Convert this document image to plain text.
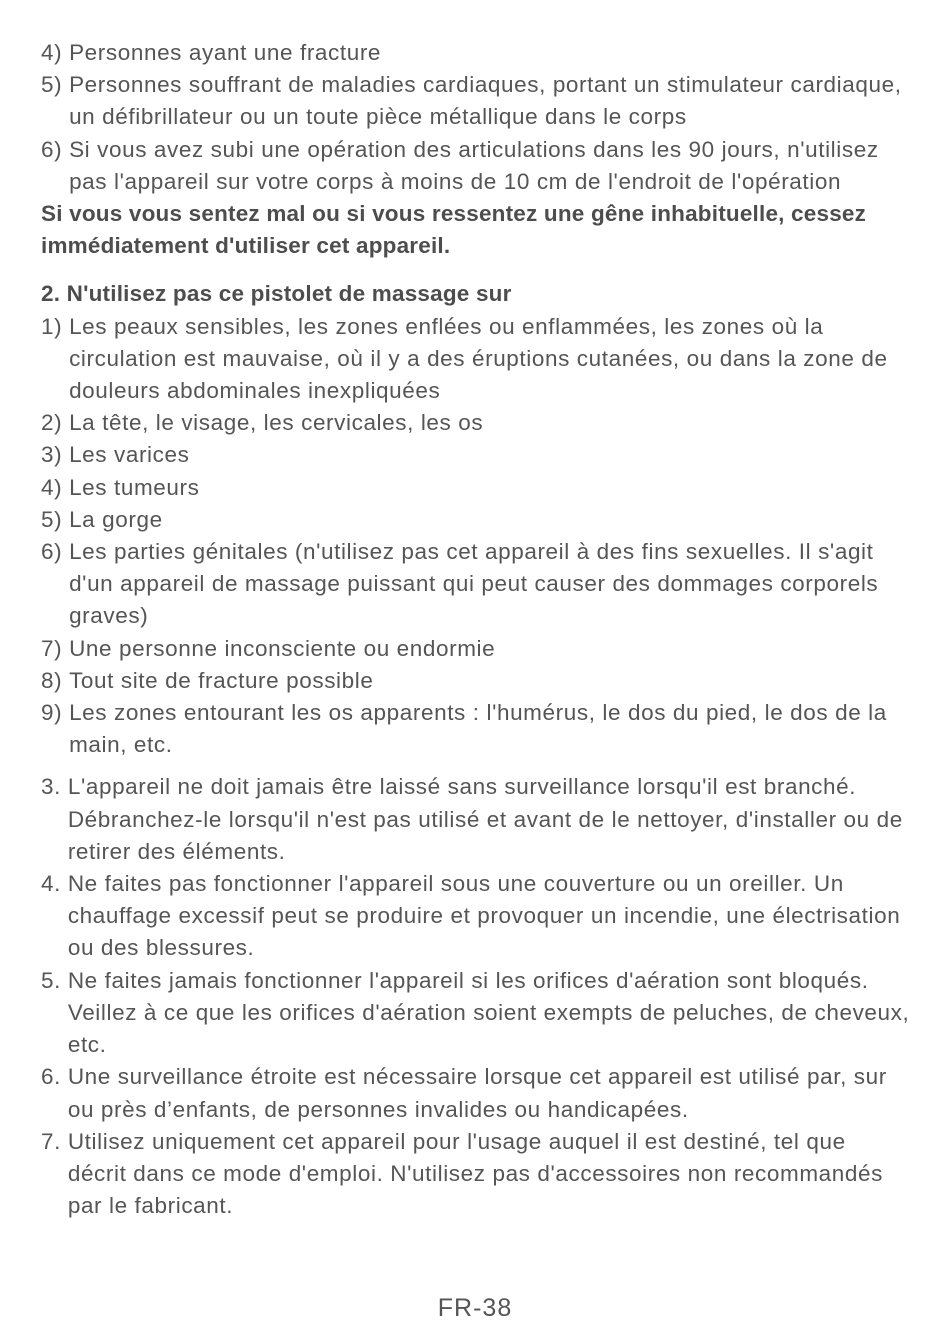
4) Personnes ayant une fracture
5) Personnes souffrant de maladies cardiaques, portant un stimulateur cardiaque, un défibrillateur ou un toute pièce métallique dans le corps
6) Si vous avez subi une opération des articulations dans les 90 jours, n'utilisez pas l'appareil sur votre corps à moins de 10 cm de l'endroit de l'opération
Si vous vous sentez mal ou si vous ressentez une gêne inhabituelle, cessez immédiatement d'utiliser cet appareil.
2. N'utilisez pas ce pistolet de massage sur
1) Les peaux sensibles, les zones enflées ou enflammées, les zones où la circulation est mauvaise, où il y a des éruptions cutanées, ou dans la zone de douleurs abdominales inexpliquées
2) La tête, le visage, les cervicales, les os
3) Les varices
4) Les tumeurs
5) La gorge
6) Les parties génitales (n'utilisez pas cet appareil à des fins sexuelles. Il s'agit d'un appareil de massage puissant qui peut causer des dommages corporels graves)
7) Une personne inconsciente ou endormie
8) Tout site de fracture possible
9) Les zones entourant les os apparents : l'humérus, le dos du pied, le dos de la main, etc.
3. L'appareil ne doit jamais être laissé sans surveillance lorsqu'il est branché. Débranchez-le lorsqu'il n'est pas utilisé et avant de le nettoyer, d'installer ou de retirer des éléments.
4. Ne faites pas fonctionner l'appareil sous une couverture ou un oreiller. Un chauffage excessif peut se produire et provoquer un incendie, une électrisation ou des blessures.
5. Ne faites jamais fonctionner l'appareil si les orifices d'aération sont bloqués. Veillez à ce que les orifices d'aération soient exempts de peluches, de cheveux, etc.
6. Une surveillance étroite est nécessaire lorsque cet appareil est utilisé par, sur ou près d’enfants, de personnes invalides ou handicapées.
7. Utilisez uniquement cet appareil pour l'usage auquel il est destiné, tel que décrit dans ce mode d'emploi. N'utilisez pas d'accessoires non recommandés par le fabricant.
FR-38
